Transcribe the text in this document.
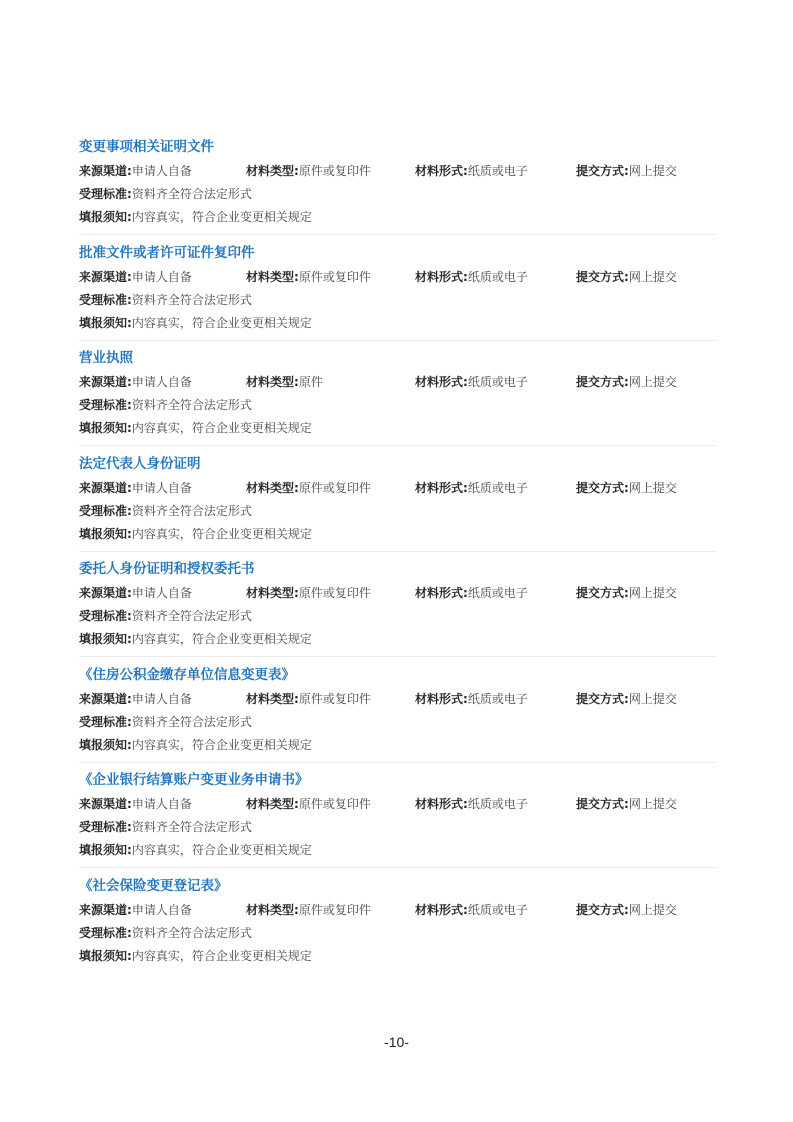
变更事项相关证明文件
来源渠道:申请人自备	材料类型:原件或复印件	材料形式:纸质或电子	提交方式:网上提交
受理标准:资料齐全符合法定形式
填报须知:内容真实，符合企业变更相关规定
批准文件或者许可证件复印件
来源渠道:申请人自备	材料类型:原件或复印件	材料形式:纸质或电子	提交方式:网上提交
受理标准:资料齐全符合法定形式
填报须知:内容真实，符合企业变更相关规定
营业执照
来源渠道:申请人自备	材料类型:原件	材料形式:纸质或电子	提交方式:网上提交
受理标准:资料齐全符合法定形式
填报须知:内容真实，符合企业变更相关规定
法定代表人身份证明
来源渠道:申请人自备	材料类型:原件或复印件	材料形式:纸质或电子	提交方式:网上提交
受理标准:资料齐全符合法定形式
填报须知:内容真实，符合企业变更相关规定
委托人身份证明和授权委托书
来源渠道:申请人自备	材料类型:原件或复印件	材料形式:纸质或电子	提交方式:网上提交
受理标准:资料齐全符合法定形式
填报须知:内容真实，符合企业变更相关规定
《住房公积金缴存单位信息变更表》
来源渠道:申请人自备	材料类型:原件或复印件	材料形式:纸质或电子	提交方式:网上提交
受理标准:资料齐全符合法定形式
填报须知:内容真实，符合企业变更相关规定
《企业银行结算账户变更业务申请书》
来源渠道:申请人自备	材料类型:原件或复印件	材料形式:纸质或电子	提交方式:网上提交
受理标准:资料齐全符合法定形式
填报须知:内容真实，符合企业变更相关规定
《社会保险变更登记表》
来源渠道:申请人自备	材料类型:原件或复印件	材料形式:纸质或电子	提交方式:网上提交
受理标准:资料齐全符合法定形式
填报须知:内容真实，符合企业变更相关规定
-10-
